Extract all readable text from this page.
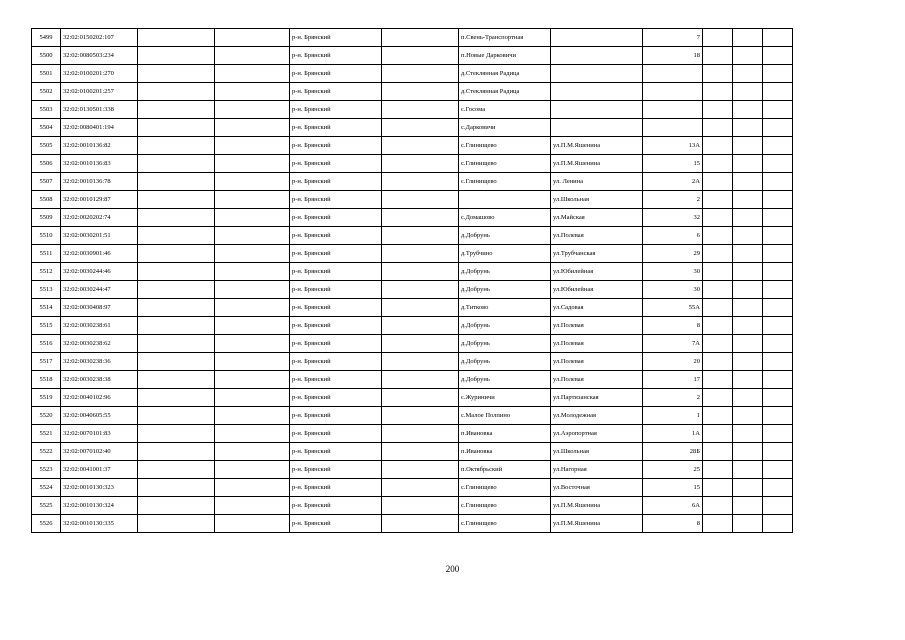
5499	32:02:0150202:107			р-н. Брянский		п.Свень-Транспортная		7			
5500	32:02:0080503:234			р-н. Брянский		п.Новые Дарковичи		18			
5501	32:02:0100201:270			р-н. Брянский		д.Стеклянная Радица					
5502	32:02:0100201:257			р-н. Брянский		д.Стеклянная Радица					
5503	32:02:0130501:338			р-н. Брянский		с.Госома					
5504	32:02:0080401:194			р-н. Брянский		с.Дарковичи					
5505	32:02:0010136:82			р-н. Брянский		с.Глинищево	ул.П.М.Яшенина	13А			
5506	32:02:0010136:83			р-н. Брянский		с.Глинищево	ул.П.М.Яшенина	15			
5507	32:02:0010136:78			р-н. Брянский		с.Глинищево	ул. Ленина	2А			
5508	32:02:0010129:87			р-н. Брянский			ул.Школьная	2			
5509	32:02:0020202:74			р-н. Брянский		с.Домашово	ул.Майская	32			
5510	32:02:0030201:51			р-н. Брянский		д.Добрунь	ул.Полевая	6			
5511	32:02:0030901:46			р-н. Брянский		д.Трубчино	ул.Трубчанская	29			
5512	32:02:0030244:46			р-н. Брянский		д.Добрунь	ул.Юбилейная	30			
5513	32:02:0030244:47			р-н. Брянский		д.Добрунь	ул.Юбилейная	30			
5514	32:02:0030408:97			р-н. Брянский		д.Титково	ул.Садовая	55А			
5515	32:02:0030238:61			р-н. Брянский		д.Добрунь	ул.Полевая	8			
5516	32:02:0030238:62			р-н. Брянский		д.Добрунь	ул.Полевая	7А			
5517	32:02:0030238:36			р-н. Брянский		д.Добрунь	ул.Полевая	20			
5518	32:02:0030238:38			р-н. Брянский		д.Добрунь	ул.Полевая	17			
5519	32:02:0040102:96			р-н. Брянский		с.Журиничи	ул.Партизанская	2			
5520	32:02:0040605:55			р-н. Брянский		с.Малое Полпино	ул.Молодежная	1			
5521	32:02:0070101:83			р-н. Брянский		п.Ивановка	ул.Аэропортная	1А			
5522	32:02:0070102:40			р-н. Брянский		п.Ивановка	ул.Школьная	28Б			
5523	32:02:0041001:37			р-н. Брянский		п.Октябрьский	ул.Нагорная	25			
5524	32:02:0010130:323			р-н. Брянский		с.Глинищево	ул.Восточная	15			
5525	32:02:0010130:324			р-н. Брянский		с.Глинищево	ул.П.М.Яшенина	6А			
5526	32:02:0010130:335			р-н. Брянский		с.Глинищево	ул.П.М.Яшенина	8			
200
